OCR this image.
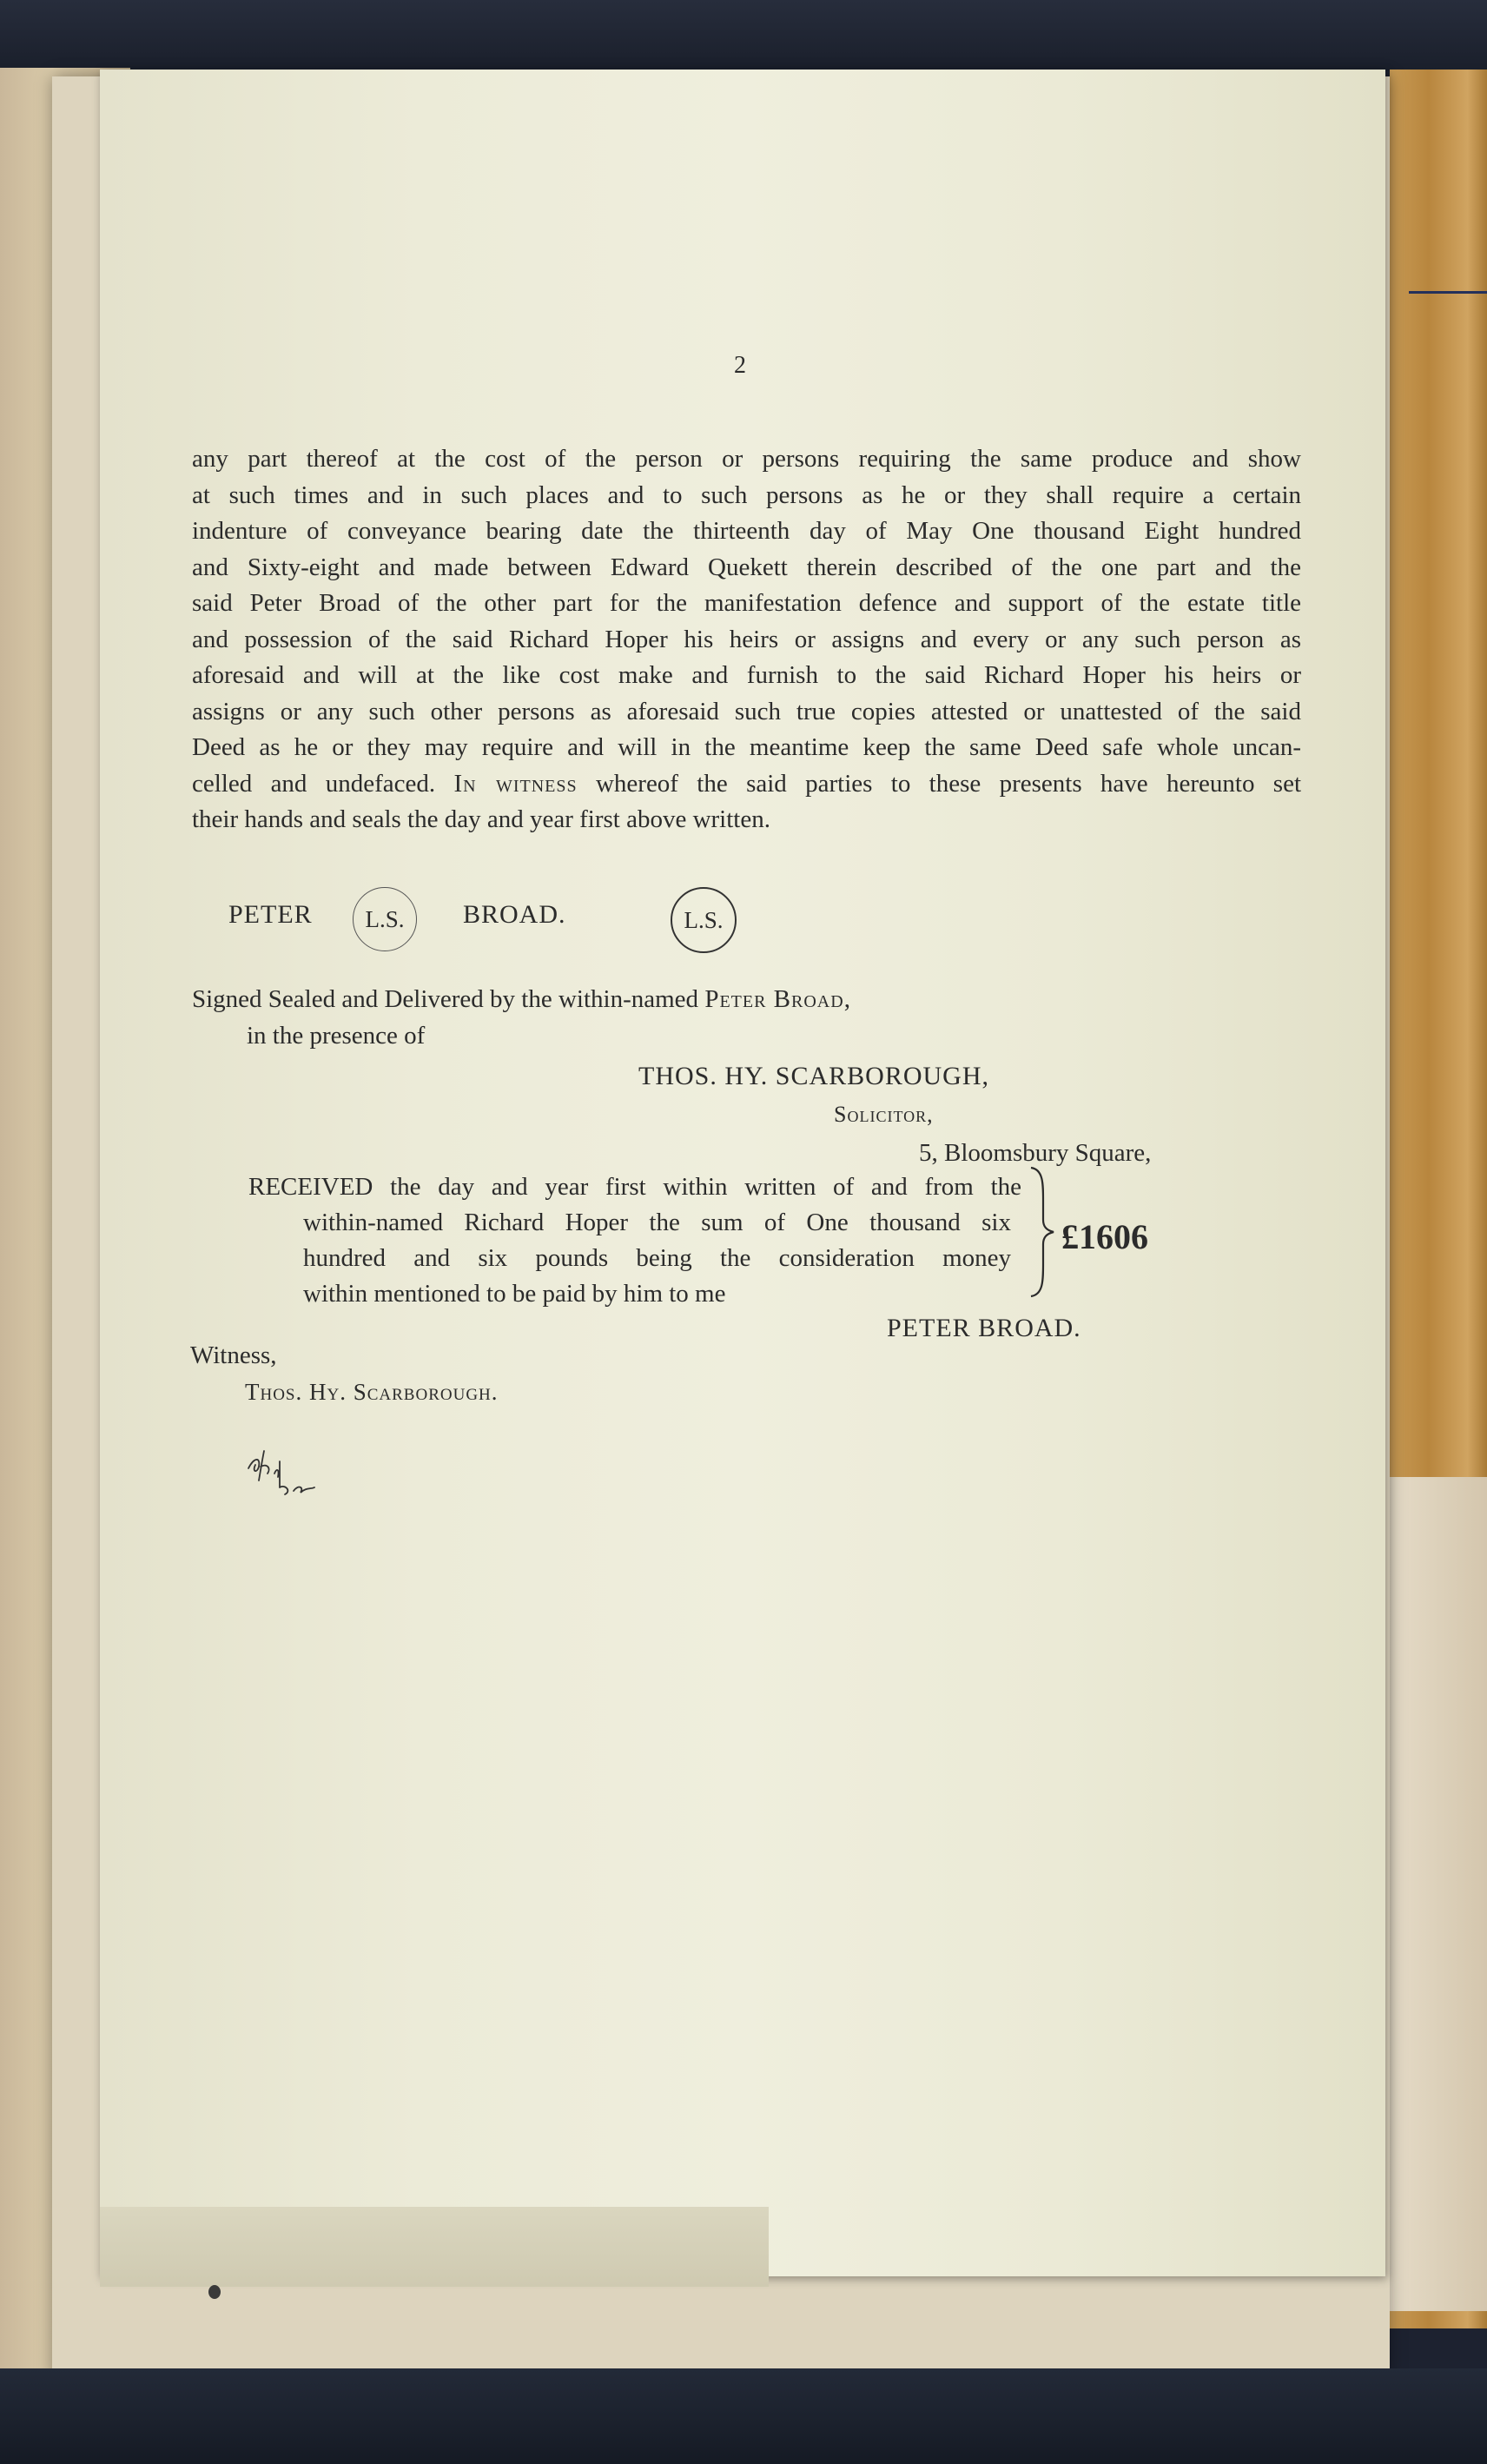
2
any part thereof at the cost of the person or persons requiring the same produce and show
at such times and in such places and to such persons as he or they shall require a certain
indenture of conveyance bearing date the thirteenth day of May One thousand Eight hundred
and Sixty-eight and made between Edward Quekett therein described of the one part and the
said Peter Broad of the other part for the manifestation defence and support of the estate title
and possession of the said Richard Hoper his heirs or assigns and every or any such person as
aforesaid and will at the like cost make and furnish to the said Richard Hoper his heirs or
assigns or any such other persons as aforesaid such true copies attested or unattested of the said
Deed as he or they may require and will in the meantime keep the same Deed safe whole uncan-
celled and undefaced. In witness whereof the said parties to these presents have hereunto set
their hands and seals the day and year first above written.
PETER L.S. BROAD.	L.S.
Signed Sealed and Delivered by the within-named Peter Broad,
in the presence of
THOS. HY. SCARBOROUGH,
Solicitor,
5, Bloomsbury Square,
RECEIVED the day and year first within written of and from the
within-named Richard Hoper the sum of One thousand six
hundred and six pounds being the consideration money
within mentioned to be paid by him to me
£1606
PETER BROAD.
Witness,
Thos. Hy. Scarborough.
